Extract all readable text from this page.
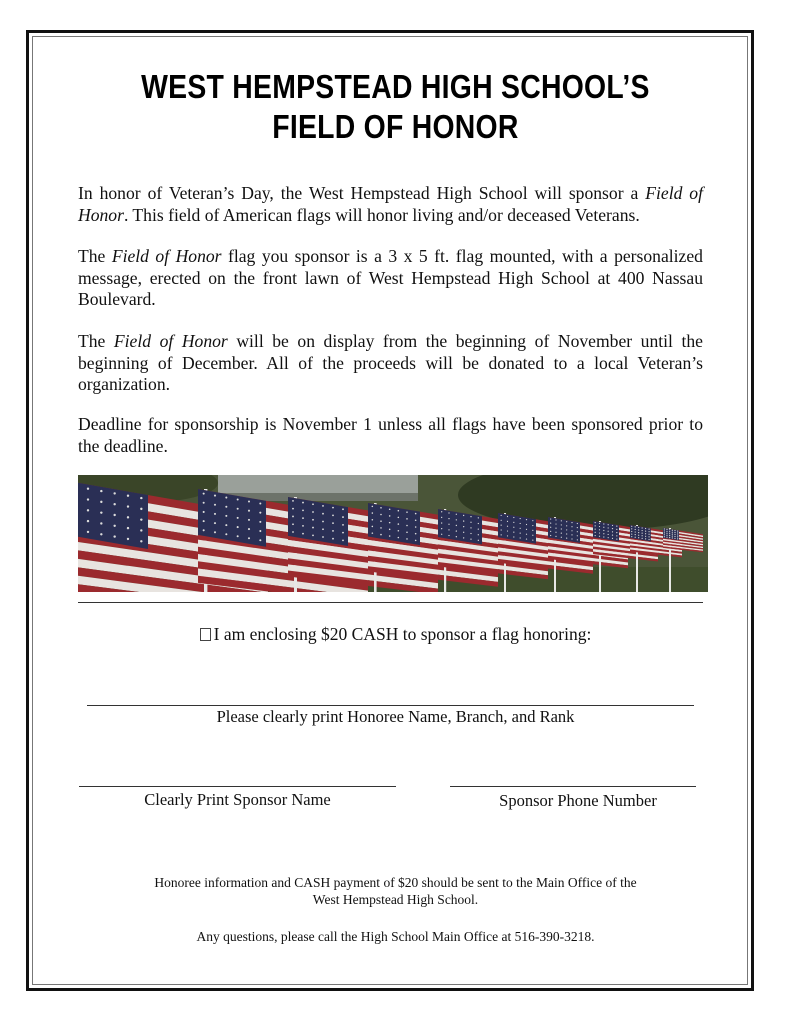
WEST HEMPSTEAD HIGH SCHOOL’S
FIELD OF HONOR
In honor of Veteran’s Day, the West Hempstead High School will sponsor a Field of Honor. This field of American flags will honor living and/or deceased Veterans.
The Field of Honor flag you sponsor is a 3 x 5 ft. flag mounted, with a personalized message, erected on the front lawn of West Hempstead High School at 400 Nassau Boulevard.
The Field of Honor will be on display from the beginning of November until the beginning of December. All of the proceeds will be donated to a local Veteran’s organization.
Deadline for sponsorship is November 1 unless all flags have been sponsored prior to the deadline.
I am enclosing $20 CASH to sponsor a flag honoring:
Please clearly print Honoree Name, Branch, and Rank
Clearly Print Sponsor Name	Sponsor Phone Number
Honoree information and CASH payment of $20 should be sent to the Main Office of the
West Hempstead High School.
Any questions, please call the High School Main Office at 516-390-3218.
